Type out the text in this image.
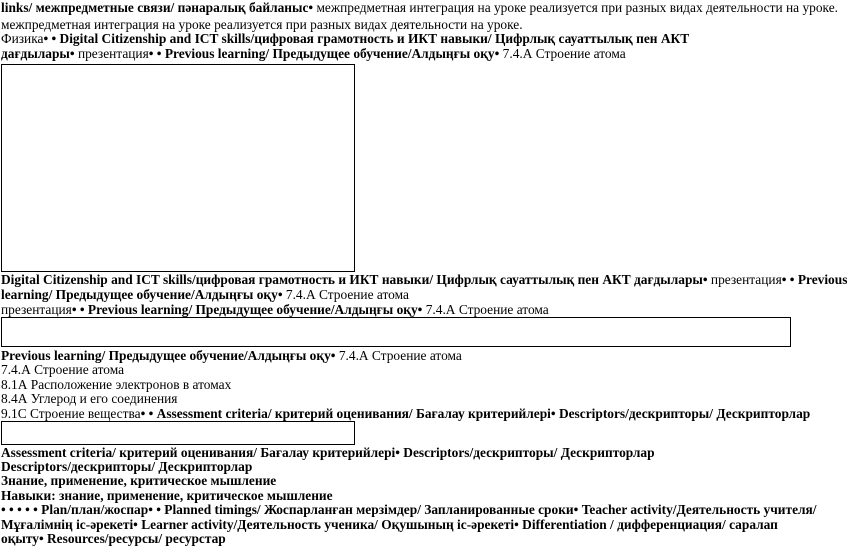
links/ межпредметные связи/ пәнаралық байланыс• межпредметная интеграция на уроке реализуется при разных видах деятельности на уроке.
межпредметная интеграция на уроке реализуется при разных видах деятельности на уроке.
Физика• • Digital Citizenship and ICT skills/цифровая грамотность и ИКТ навыки/ Цифрлық сауаттылық пен АКТ
дағдылары• презентация• • Previous learning/ Предыдущее обучение/Алдыңғы оқу• 7.4.А Строение атома
Digital Citizenship and ICT skills/цифровая грамотность и ИКТ навыки/ Цифрлық сауаттылық пен АКТ дағдылары• презентация• • Previous
learning/ Предыдущее обучение/Алдыңғы оқу• 7.4.А Строение атома
презентация• • Previous learning/ Предыдущее обучение/Алдыңғы оқу• 7.4.А Строение атома
Previous learning/ Предыдущее обучение/Алдыңғы оқу• 7.4.А Строение атома
7.4.А Строение атома
8.1А Расположение электронов в атомах
8.4А Углерод и его соединения
9.1С Строение вещества• • Assessment criteria/ критерий оценивания/ Бағалау критерийлері• Descriptors/дескрипторы/ Дескрипторлар
Assessment criteria/ критерий оценивания/ Бағалау критерийлері• Descriptors/дескрипторы/ Дескрипторлар
Descriptors/дескрипторы/ Дескрипторлар
Знание, применение, критическое мышление
Навыки: знание, применение, критическое мышление
• • • • • Plan/план/жоспар• • Planned timings/ Жоспарланған мерзімдер/ Запланированные сроки• Teacher activity/Деятельность учителя/
Мұғалімнің іс-әрекеті• Learner activity/Деятельность ученика/ Оқушының іс-әрекеті• Differentiation / дифференциация/ саралап
оқыту• Resources/ресурсы/ ресурстар
